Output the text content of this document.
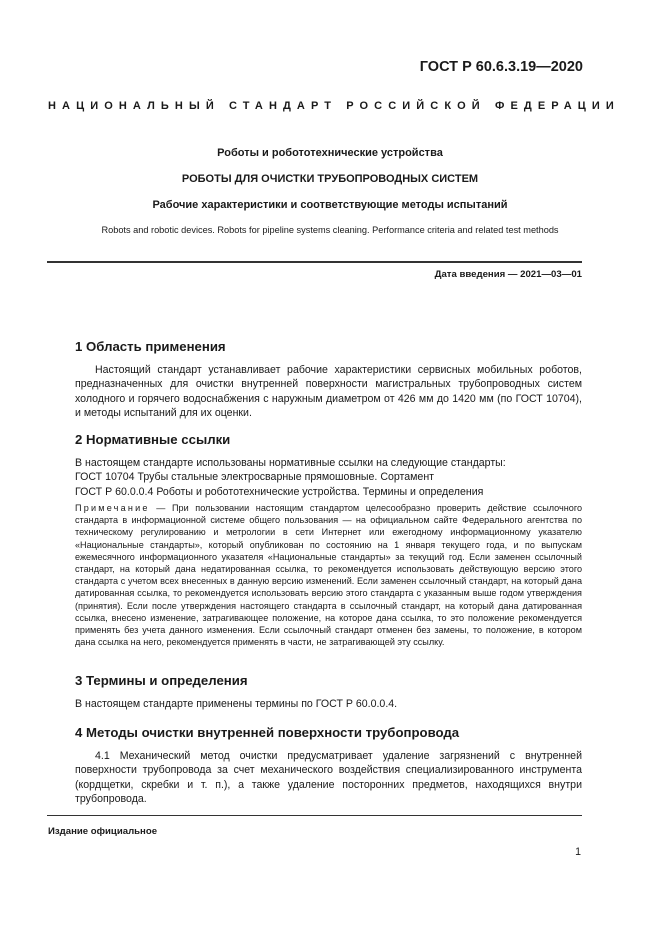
ГОСТ Р 60.6.3.19—2020
НАЦИОНАЛЬНЫЙ СТАНДАРТ РОССИЙСКОЙ ФЕДЕРАЦИИ
Роботы и робототехнические устройства
РОБОТЫ ДЛЯ ОЧИСТКИ ТРУБОПРОВОДНЫХ СИСТЕМ
Рабочие характеристики и соответствующие методы испытаний
Robots and robotic devices. Robots for pipeline systems cleaning. Performance criteria and related test methods
Дата введения — 2021—03—01
1 Область применения

Настоящий стандарт устанавливает рабочие характеристики сервисных мобильных роботов, предназначенных для очистки внутренней поверхности магистральных трубопроводных систем холодного и горячего водоснабжения с наружным диаметром от 426 мм до 1420 мм (по ГОСТ 10704), и методы испытаний для их оценки.

2 Нормативные ссылки

В настоящем стандарте использованы нормативные ссылки на следующие стандарты:

ГОСТ 10704 Трубы стальные электросварные прямошовные. Сортамент

ГОСТ Р 60.0.0.4 Роботы и робототехнические устройства. Термины и определения

Примечание — При пользовании настоящим стандартом целесообразно проверить действие ссылочного стандарта в информационной системе общего пользования — на официальном сайте Федерального агентства по техническому регулированию и метрологии в сети Интернет или ежегодному информационному указателю «Национальные стандарты», который опубликован по состоянию на 1 января текущего года, и по выпускам ежемесячного информационного указателя «Национальные стандарты» за текущий год. Если заменен ссылочный стандарт, на который дана недатированная ссылка, то рекомендуется использовать действующую версию этого стандарта с учетом всех внесенных в данную версию изменений. Если заменен ссылочный стандарт, на который дана датированная ссылка, то рекомендуется использовать версию этого стандарта с указанным выше годом утверждения (принятия). Если после утверждения настоящего стандарта в ссылочный стандарт, на который дана датированная ссылка, внесено изменение, затрагивающее положение, на которое дана ссылка, то это положение рекомендуется применять без учета данного изменения. Если ссылочный стандарт отменен без замены, то положение, в котором дана ссылка на него, рекомендуется применять в части, не затрагивающей эту ссылку.

3 Термины и определения

В настоящем стандарте применены термины по ГОСТ Р 60.0.0.4.

4 Методы очистки внутренней поверхности трубопровода

4.1 Механический метод очистки предусматривает удаление загрязнений с внутренней поверхности трубопровода за счет механического воздействия специализированного инструмента (кордщетки, скребки и т. п.), а также удаление посторонних предметов, находящихся внутри трубопровода.

Издание официальное
1
